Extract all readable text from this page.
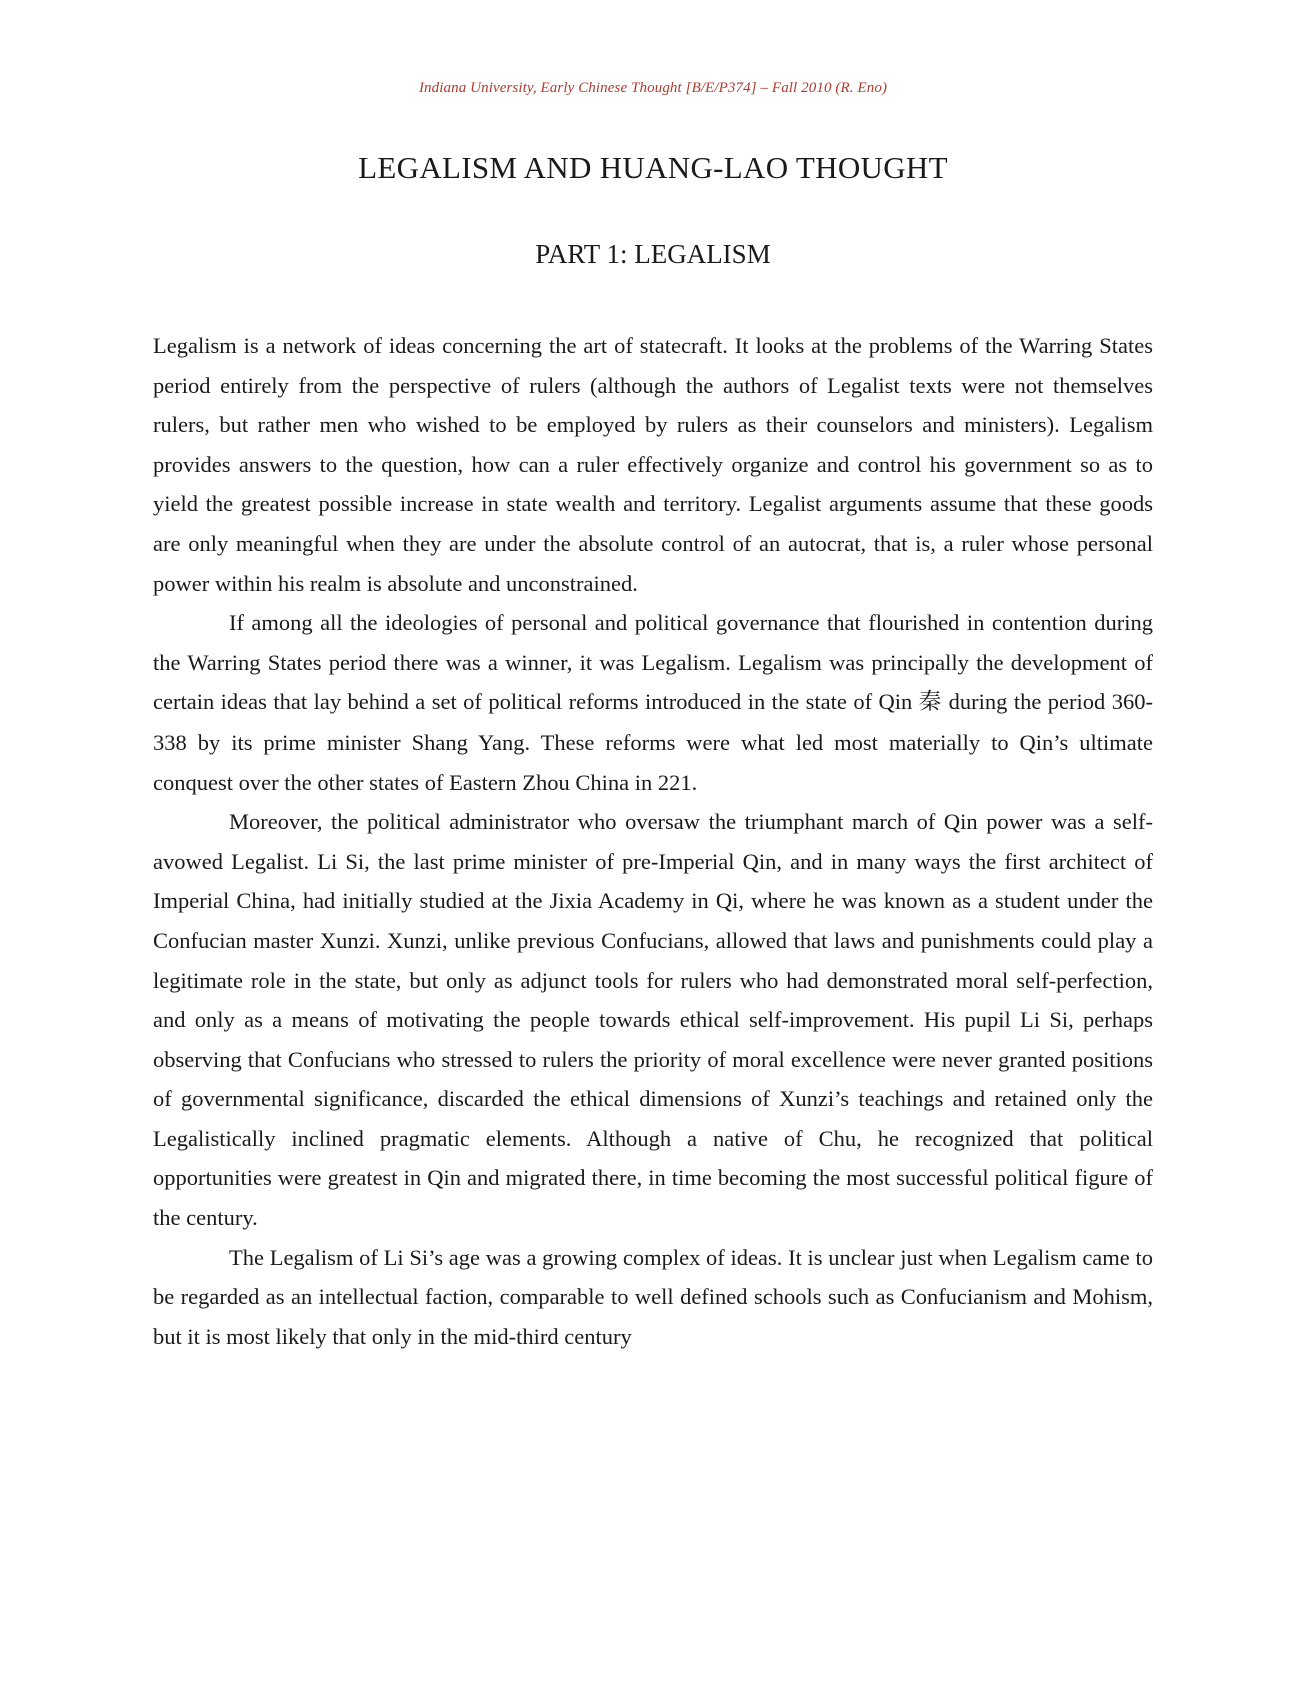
Indiana University, Early Chinese Thought [B/E/P374] – Fall 2010 (R. Eno)
LEGALISM AND HUANG-LAO THOUGHT
PART 1: LEGALISM

Legalism is a network of ideas concerning the art of statecraft. It looks at the problems of the Warring States period entirely from the perspective of rulers (although the authors of Legalist texts were not themselves rulers, but rather men who wished to be employed by rulers as their counselors and ministers). Legalism provides answers to the question, how can a ruler effectively organize and control his government so as to yield the greatest possible increase in state wealth and territory. Legalist arguments assume that these goods are only meaningful when they are under the absolute control of an autocrat, that is, a ruler whose personal power within his realm is absolute and unconstrained.

If among all the ideologies of personal and political governance that flourished in contention during the Warring States period there was a winner, it was Legalism. Legalism was principally the development of certain ideas that lay behind a set of political reforms introduced in the state of Qin 秦 during the period 360-338 by its prime minister Shang Yang. These reforms were what led most materially to Qin’s ultimate conquest over the other states of Eastern Zhou China in 221.

Moreover, the political administrator who oversaw the triumphant march of Qin power was a self-avowed Legalist. Li Si, the last prime minister of pre-Imperial Qin, and in many ways the first architect of Imperial China, had initially studied at the Jixia Academy in Qi, where he was known as a student under the Confucian master Xunzi. Xunzi, unlike previous Confucians, allowed that laws and punishments could play a legitimate role in the state, but only as adjunct tools for rulers who had demonstrated moral self-perfection, and only as a means of motivating the people towards ethical self-improvement. His pupil Li Si, perhaps observing that Confucians who stressed to rulers the priority of moral excellence were never granted positions of governmental significance, discarded the ethical dimensions of Xunzi’s teachings and retained only the Legalistically inclined pragmatic elements. Although a native of Chu, he recognized that political opportunities were greatest in Qin and migrated there, in time becoming the most successful political figure of the century.

The Legalism of Li Si’s age was a growing complex of ideas. It is unclear just when Legalism came to be regarded as an intellectual faction, comparable to well defined schools such as Confucianism and Mohism, but it is most likely that only in the mid-third century
